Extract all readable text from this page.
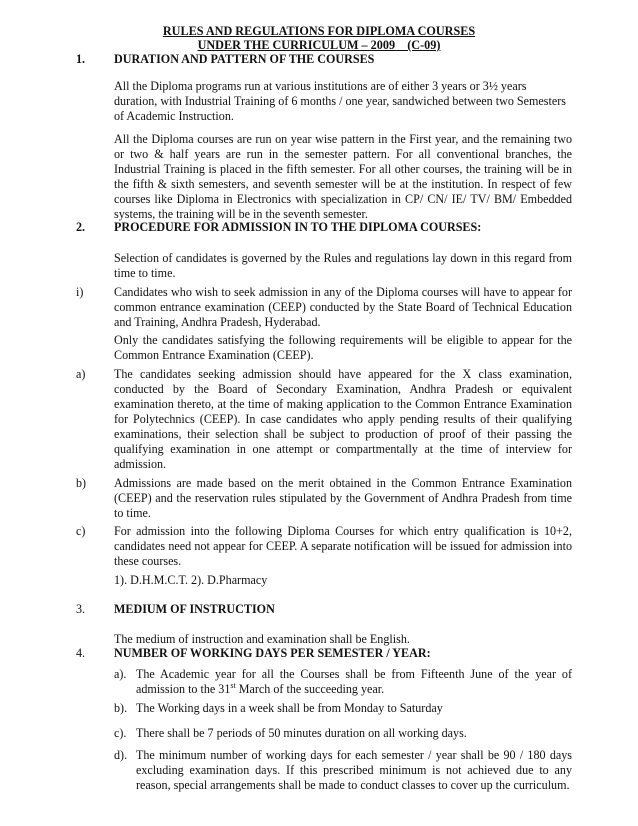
RULES AND REGULATIONS FOR DIPLOMA COURSES
UNDER THE CURRICULUM – 2009    (C-09)
1. DURATION AND PATTERN OF THE COURSES
All the Diploma programs run at various institutions are of either 3 years or 3½ years duration, with Industrial Training of 6 months / one year, sandwiched between two Semesters of Academic Instruction.
All the Diploma courses are run on year wise pattern in the First year, and the remaining two or two & half years are run in the semester pattern. For all conventional branches, the Industrial Training is placed in the fifth semester. For all other courses, the training will be in the fifth & sixth semesters, and seventh semester will be at the institution. In respect of few courses like Diploma in Electronics with specialization in CP/ CN/ IE/ TV/ BM/ Embedded systems, the training will be in the seventh semester.
2. PROCEDURE FOR ADMISSION IN TO THE DIPLOMA COURSES:
Selection of candidates is governed by the Rules and regulations lay down in this regard from time to time.
i)	Candidates who wish to seek admission in any of the Diploma courses will have to appear for common entrance examination (CEEP) conducted by the State Board of Technical Education and Training, Andhra Pradesh, Hyderabad.
Only the candidates satisfying the following requirements will be eligible to appear for the Common Entrance Examination (CEEP).
a) The candidates seeking admission should have appeared for the X class examination, conducted by the Board of Secondary Examination, Andhra Pradesh or equivalent examination thereto, at the time of making application to the Common Entrance Examination for Polytechnics (CEEP). In case candidates who apply pending results of their qualifying examinations, their selection shall be subject to production of proof of their passing the qualifying examination in one attempt or compartmentally at the time of interview for admission.
b) Admissions are made based on the merit obtained in the Common Entrance Examination (CEEP) and the reservation rules stipulated by the Government of Andhra Pradesh from time to time.
c) For admission into the following Diploma Courses for which entry qualification is 10+2, candidates need not appear for CEEP. A separate notification will be issued for admission into these courses.
1). D.H.M.C.T. 2). D.Pharmacy
3. MEDIUM OF INSTRUCTION
The medium of instruction and examination shall be English.
4. NUMBER OF WORKING DAYS PER SEMESTER / YEAR:
a). The Academic year for all the Courses shall be from Fifteenth June of the year of admission to the 31st March of the succeeding year.
b). The Working days in a week shall be from Monday to Saturday
c). There shall be 7 periods of 50 minutes duration on all working days.
d). The minimum number of working days for each semester / year shall be 90 / 180 days excluding examination days. If this prescribed minimum is not achieved due to any reason, special arrangements shall be made to conduct classes to cover up the curriculum.
